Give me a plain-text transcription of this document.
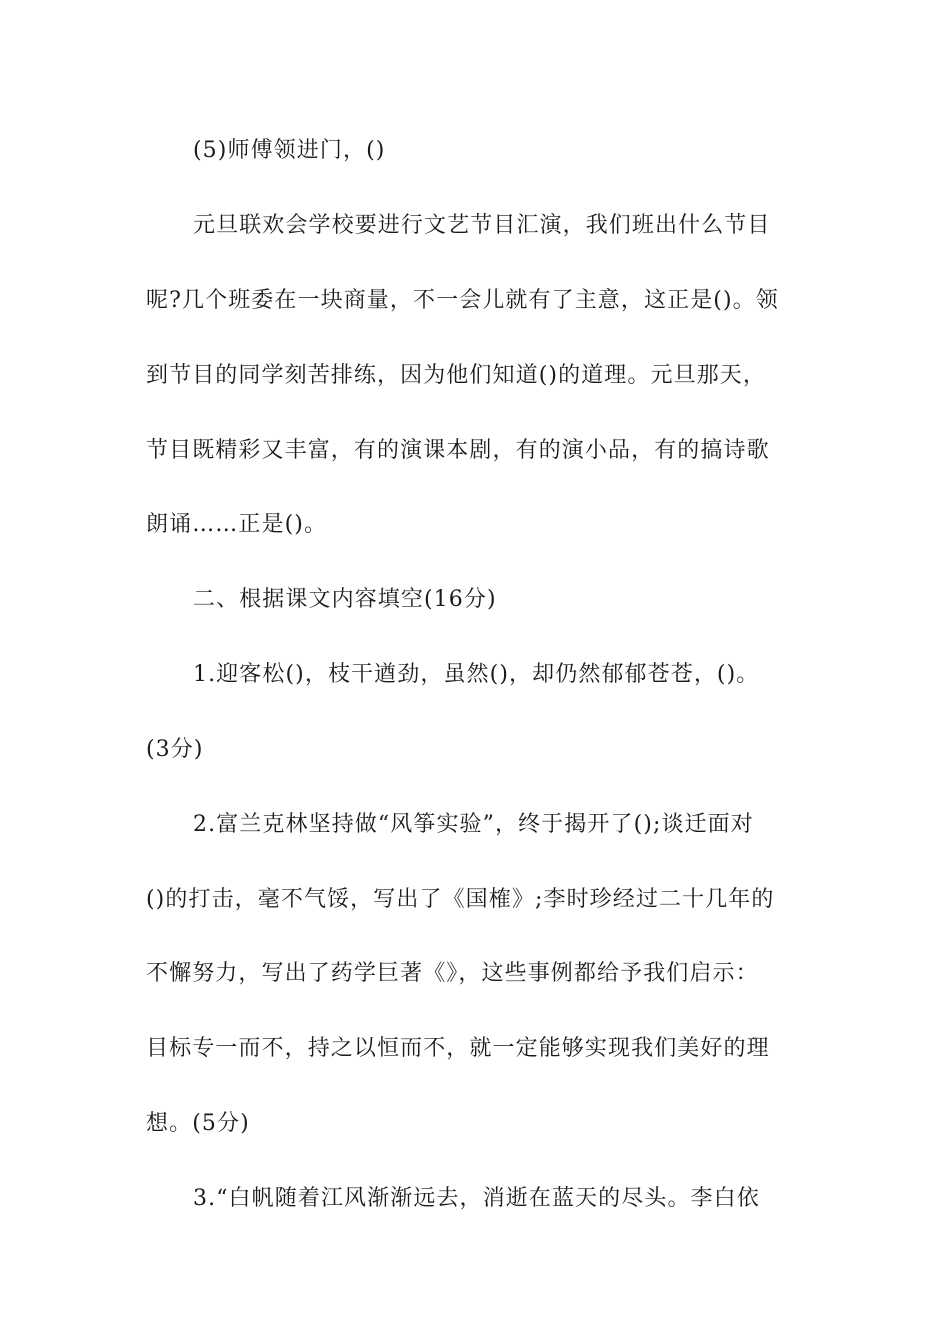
(5)师傅领进门，()
元旦联欢会学校要进行文艺节目汇演，我们班出什么节目
呢?几个班委在一块商量，不一会儿就有了主意，这正是()。领
到节目的同学刻苦排练，因为他们知道()的道理。元旦那天，
节目既精彩又丰富，有的演课本剧，有的演小品，有的搞诗歌
朗诵……正是()。
二、根据课文内容填空(16分)
1.迎客松()，枝干遒劲，虽然()，却仍然郁郁苍苍，()。
(3分)
2.富兰克林坚持做“风筝实验”，终于揭开了();谈迁面对
()的打击，毫不气馁，写出了《国榷》;李时珍经过二十几年的
不懈努力，写出了药学巨著《》，这些事例都给予我们启示：
目标专一而不，持之以恒而不，就一定能够实现我们美好的理
想。(5分)
3.“白帆随着江风渐渐远去，消逝在蓝天的尽头。李白依
